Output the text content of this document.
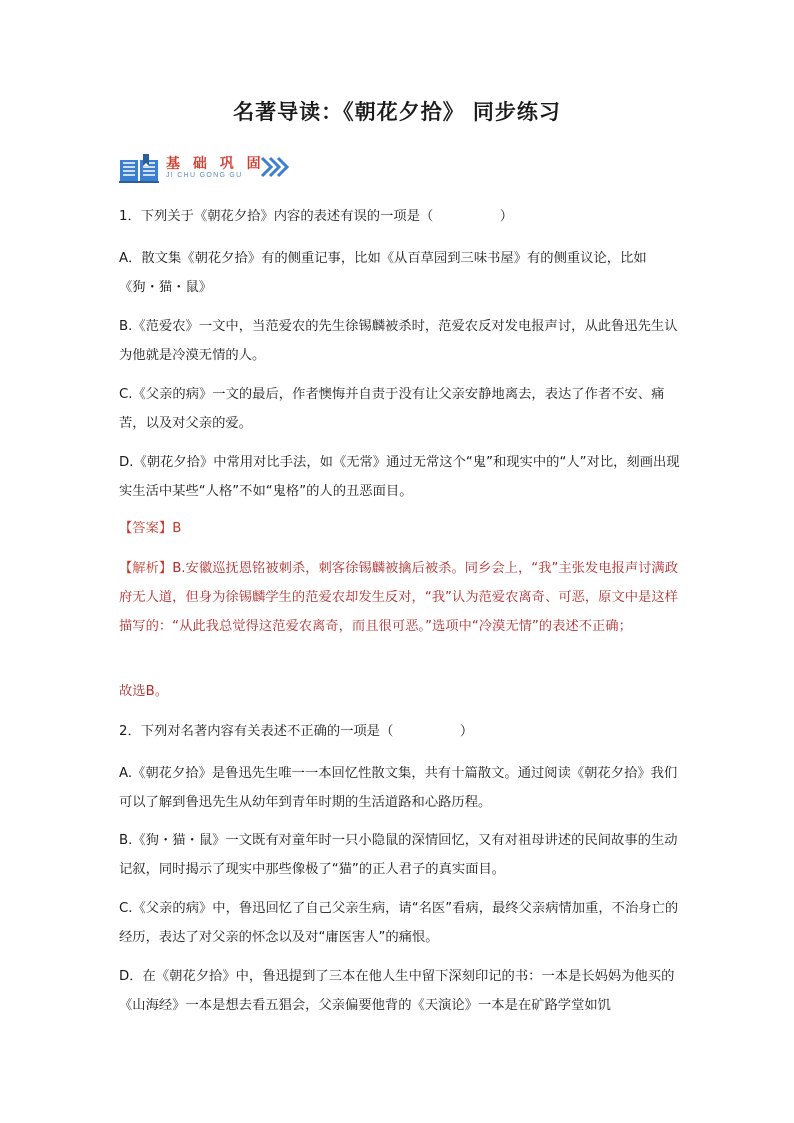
名著导读：《朝花夕拾》 同步练习
基 础 巩 固
JI CHU GONG GU

1．下列关于《朝花夕拾》内容的表述有误的一项是（　　　　　）

A．散文集《朝花夕拾》有的侧重记事，比如《从百草园到三味书屋》有的侧重议论，比如《狗・猫・鼠》

B.《范爱农》一文中，当范爱农的先生徐锡麟被杀时，范爱农反对发电报声讨，从此鲁迅先生认为他就是冷漠无情的人。

C.《父亲的病》一文的最后，作者懊悔并自责于没有让父亲安静地离去，表达了作者不安、痛苦，以及对父亲的爱。

D.《朝花夕拾》中常用对比手法，如《无常》通过无常这个“鬼”和现实中的“人”对比，刻画出现实生活中某些“人格”不如“鬼格”的人的丑恶面目。

【答案】B

【解析】B.安徽巡抚恩铭被刺杀，刺客徐锡麟被擒后被杀。同乡会上，“我”主张发电报声讨满政府无人道，但身为徐锡麟学生的范爱农却发生反对，“我”认为范爱农离奇、可恶，原文中是这样描写的：“从此我总觉得这范爱农离奇，而且很可恶。”选项中“冷漠无情”的表述不正确；

故选B。

2．下列对名著内容有关表述不正确的一项是（　　　　　）

A.《朝花夕拾》是鲁迅先生唯一一本回忆性散文集，共有十篇散文。通过阅读《朝花夕拾》我们可以了解到鲁迅先生从幼年到青年时期的生活道路和心路历程。

B.《狗・猫・鼠》一文既有对童年时一只小隐鼠的深情回忆，又有对祖母讲述的民间故事的生动记叙，同时揭示了现实中那些像极了“猫”的正人君子的真实面目。

C.《父亲的病》中，鲁迅回忆了自己父亲生病，请“名医”看病，最终父亲病情加重，不治身亡的经历，表达了对父亲的怀念以及对“庸医害人”的痛恨。

D．在《朝花夕拾》中，鲁迅提到了三本在他人生中留下深刻印记的书：一本是长妈妈为他买的《山海经》一本是想去看五猖会，父亲偏要他背的《天演论》一本是在矿路学堂如饥
